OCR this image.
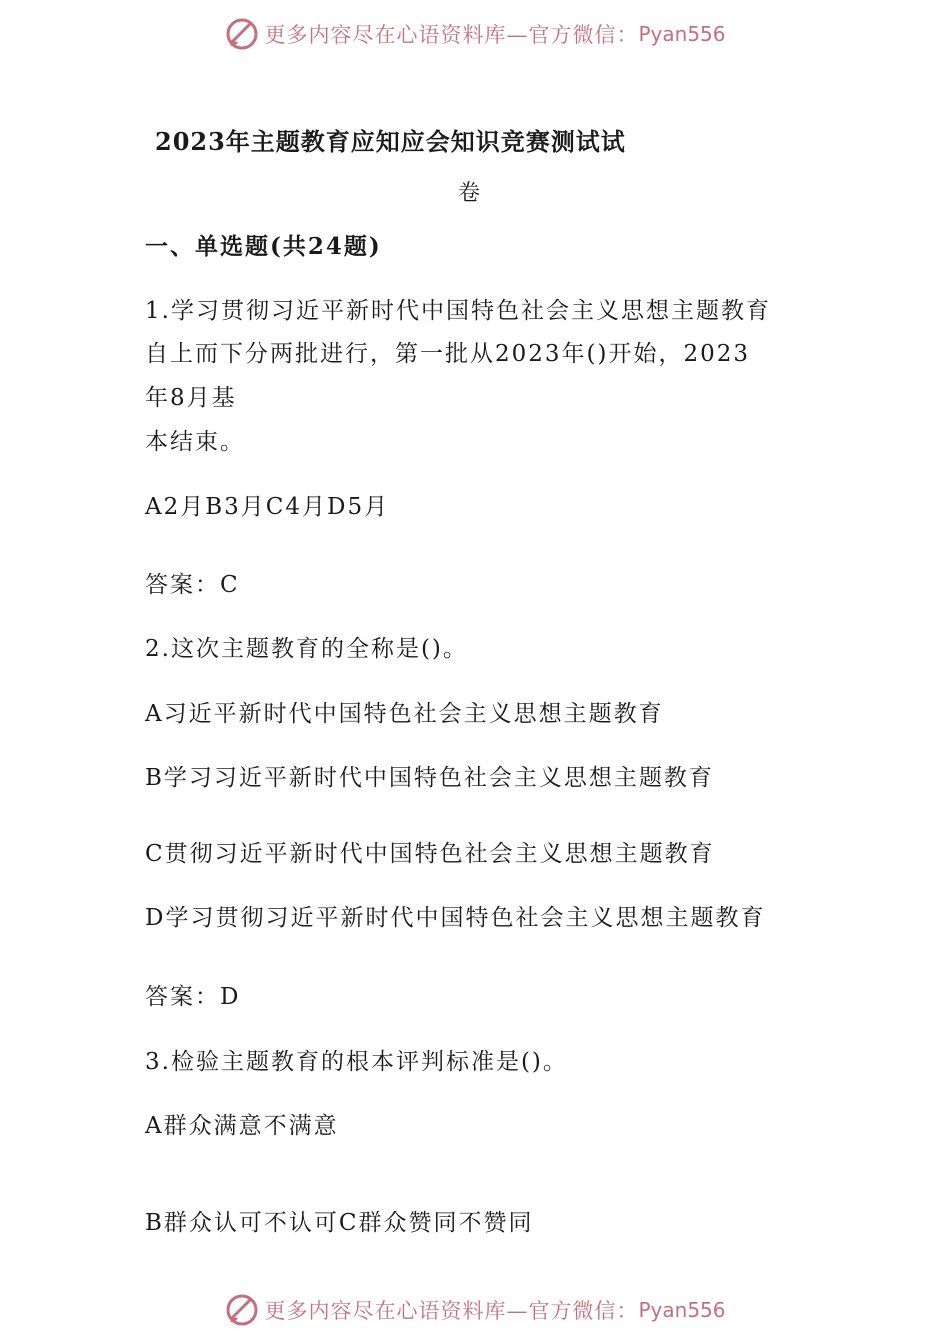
更多内容尽在心语资料库—官方微信： Pyan556
2023年主题教育应知应会知识竞赛测试试
卷
一、单选题(共24题)
1.学习贯彻习近平新时代中国特色社会主义思想主题教育
自上而下分两批进行，第一批从2023年()开始，2023
年8月基
本结束。
A2月B3月C4月D5月
答案：C
2.这次主题教育的全称是()。
A习近平新时代中国特色社会主义思想主题教育
B学习习近平新时代中国特色社会主义思想主题教育
C贯彻习近平新时代中国特色社会主义思想主题教育
D学习贯彻习近平新时代中国特色社会主义思想主题教育
答案：D
3.检验主题教育的根本评判标准是()。
A群众满意不满意
B群众认可不认可C群众赞同不赞同
更多内容尽在心语资料库—官方微信： Pyan556
